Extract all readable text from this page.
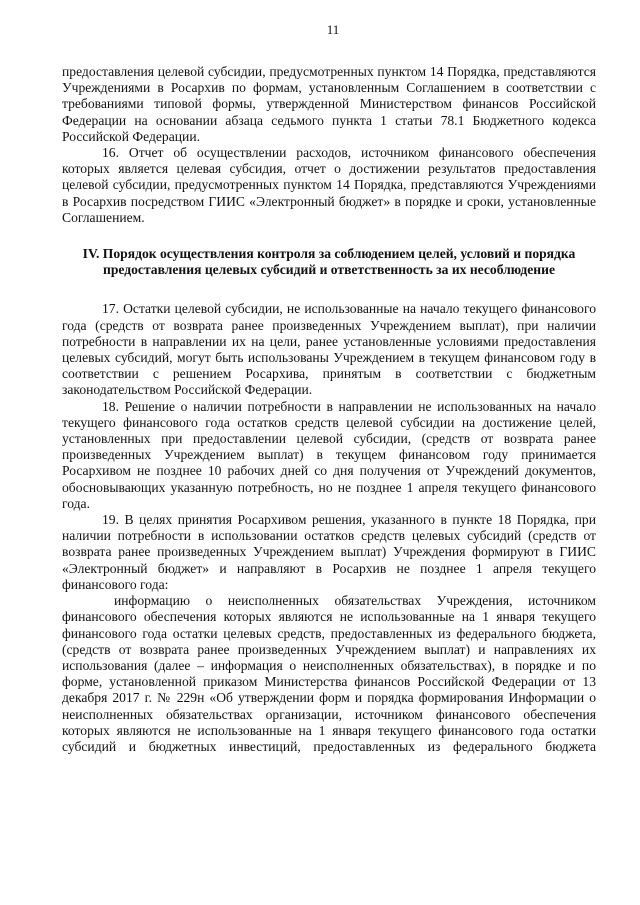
11

предоставления целевой субсидии, предусмотренных пунктом 14 Порядка, представляются Учреждениями в Росархив по формам, установленным Соглашением в соответствии с требованиями типовой формы, утвержденной Министерством финансов Российской Федерации на основании абзаца седьмого пункта 1 статьи 78.1 Бюджетного кодекса Российской Федерации.

16. Отчет об осуществлении расходов, источником финансового обеспечения которых является целевая субсидия, отчет о достижении результатов предоставления целевой субсидии, предусмотренных пунктом 14 Порядка, представляются Учреждениями в Росархив посредством ГИИС «Электронный бюджет» в порядке и сроки, установленные Соглашением.

IV. Порядок осуществления контроля за соблюдением целей, условий и порядка предоставления целевых субсидий и ответственность за их несоблюдение

17. Остатки целевой субсидии, не использованные на начало текущего финансового года (средств от возврата ранее произведенных Учреждением выплат), при наличии потребности в направлении их на цели, ранее установленные условиями предоставления целевых субсидий, могут быть использованы Учреждением в текущем финансовом году в соответствии с решением Росархива, принятым в соответствии с бюджетным законодательством Российской Федерации.

18. Решение о наличии потребности в направлении не использованных на начало текущего финансового года остатков средств целевой субсидии на достижение целей, установленных при предоставлении целевой субсидии, (средств от возврата ранее произведенных Учреждением выплат) в текущем финансовом году принимается Росархивом не позднее 10 рабочих дней со дня получения от Учреждений документов, обосновывающих указанную потребность, но не позднее 1 апреля текущего финансового года.

19. В целях принятия Росархивом решения, указанного в пункте 18 Порядка, при наличии потребности в использовании остатков средств целевых субсидий (средств от возврата ранее произведенных Учреждением выплат) Учреждения формируют в ГИИС «Электронный бюджет» и направляют в Росархив не позднее 1 апреля текущего финансового года:

информацию о неисполненных обязательствах Учреждения, источником финансового обеспечения которых являются не использованные на 1 января текущего финансового года остатки целевых средств, предоставленных из федерального бюджета, (средств от возврата ранее произведенных Учреждением выплат) и направлениях их использования (далее – информация о неисполненных обязательствах), в порядке и по форме, установленной приказом Министерства финансов Российской Федерации от 13 декабря 2017 г. № 229н «Об утверждении форм и порядка формирования Информации о неисполненных обязательствах организации, источником финансового обеспечения которых являются не использованные на 1 января текущего финансового года остатки субсидий и бюджетных инвестиций, предоставленных из федерального бюджета
